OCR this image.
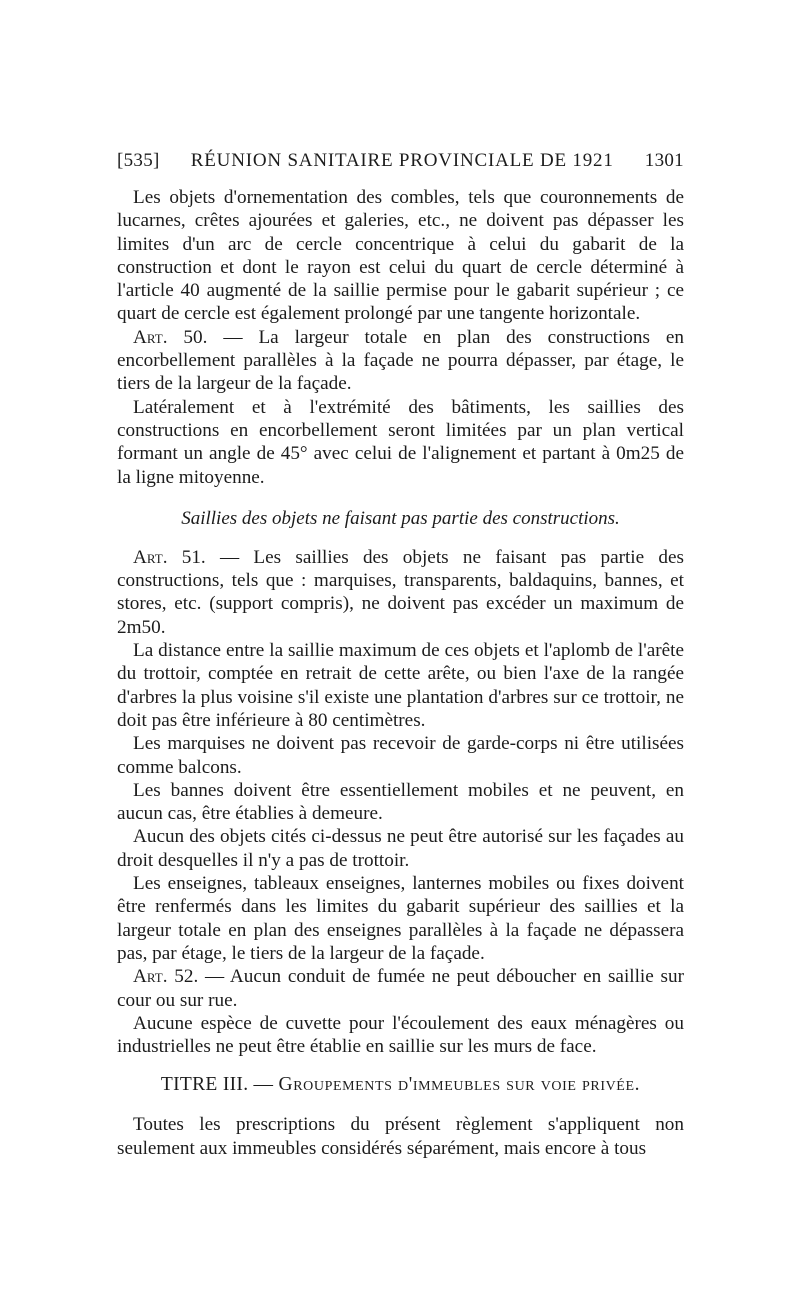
[535] RÉUNION SANITAIRE PROVINCIALE DE 1921 1301

Les objets d'ornementation des combles, tels que couronnements de lucarnes, crêtes ajourées et galeries, etc., ne doivent pas dépasser les limites d'un arc de cercle concentrique à celui du gabarit de la construction et dont le rayon est celui du quart de cercle déterminé à l'article 40 augmenté de la saillie permise pour le gabarit supérieur ; ce quart de cercle est également prolongé par une tangente horizontale.

Art. 50. — La largeur totale en plan des constructions en encorbellement parallèles à la façade ne pourra dépasser, par étage, le tiers de la largeur de la façade.

Latéralement et à l'extrémité des bâtiments, les saillies des constructions en encorbellement seront limitées par un plan vertical formant un angle de 45° avec celui de l'alignement et partant à 0m25 de la ligne mitoyenne.

Saillies des objets ne faisant pas partie des constructions.

Art. 51. — Les saillies des objets ne faisant pas partie des constructions, tels que : marquises, transparents, baldaquins, bannes, et stores, etc. (support compris), ne doivent pas excéder un maximum de 2m50.

La distance entre la saillie maximum de ces objets et l'aplomb de l'arête du trottoir, comptée en retrait de cette arête, ou bien l'axe de la rangée d'arbres la plus voisine s'il existe une plantation d'arbres sur ce trottoir, ne doit pas être inférieure à 80 centimètres.

Les marquises ne doivent pas recevoir de garde-corps ni être utilisées comme balcons.

Les bannes doivent être essentiellement mobiles et ne peuvent, en aucun cas, être établies à demeure.

Aucun des objets cités ci-dessus ne peut être autorisé sur les façades au droit desquelles il n'y a pas de trottoir.

Les enseignes, tableaux enseignes, lanternes mobiles ou fixes doivent être renfermés dans les limites du gabarit supérieur des saillies et la largeur totale en plan des enseignes parallèles à la façade ne dépassera pas, par étage, le tiers de la largeur de la façade.

Art. 52. — Aucun conduit de fumée ne peut déboucher en saillie sur cour ou sur rue.

Aucune espèce de cuvette pour l'écoulement des eaux ménagères ou industrielles ne peut être établie en saillie sur les murs de face.

TITRE III. — Groupements d'immeubles sur voie privée.

Toutes les prescriptions du présent règlement s'appliquent non seulement aux immeubles considérés séparément, mais encore à tous
